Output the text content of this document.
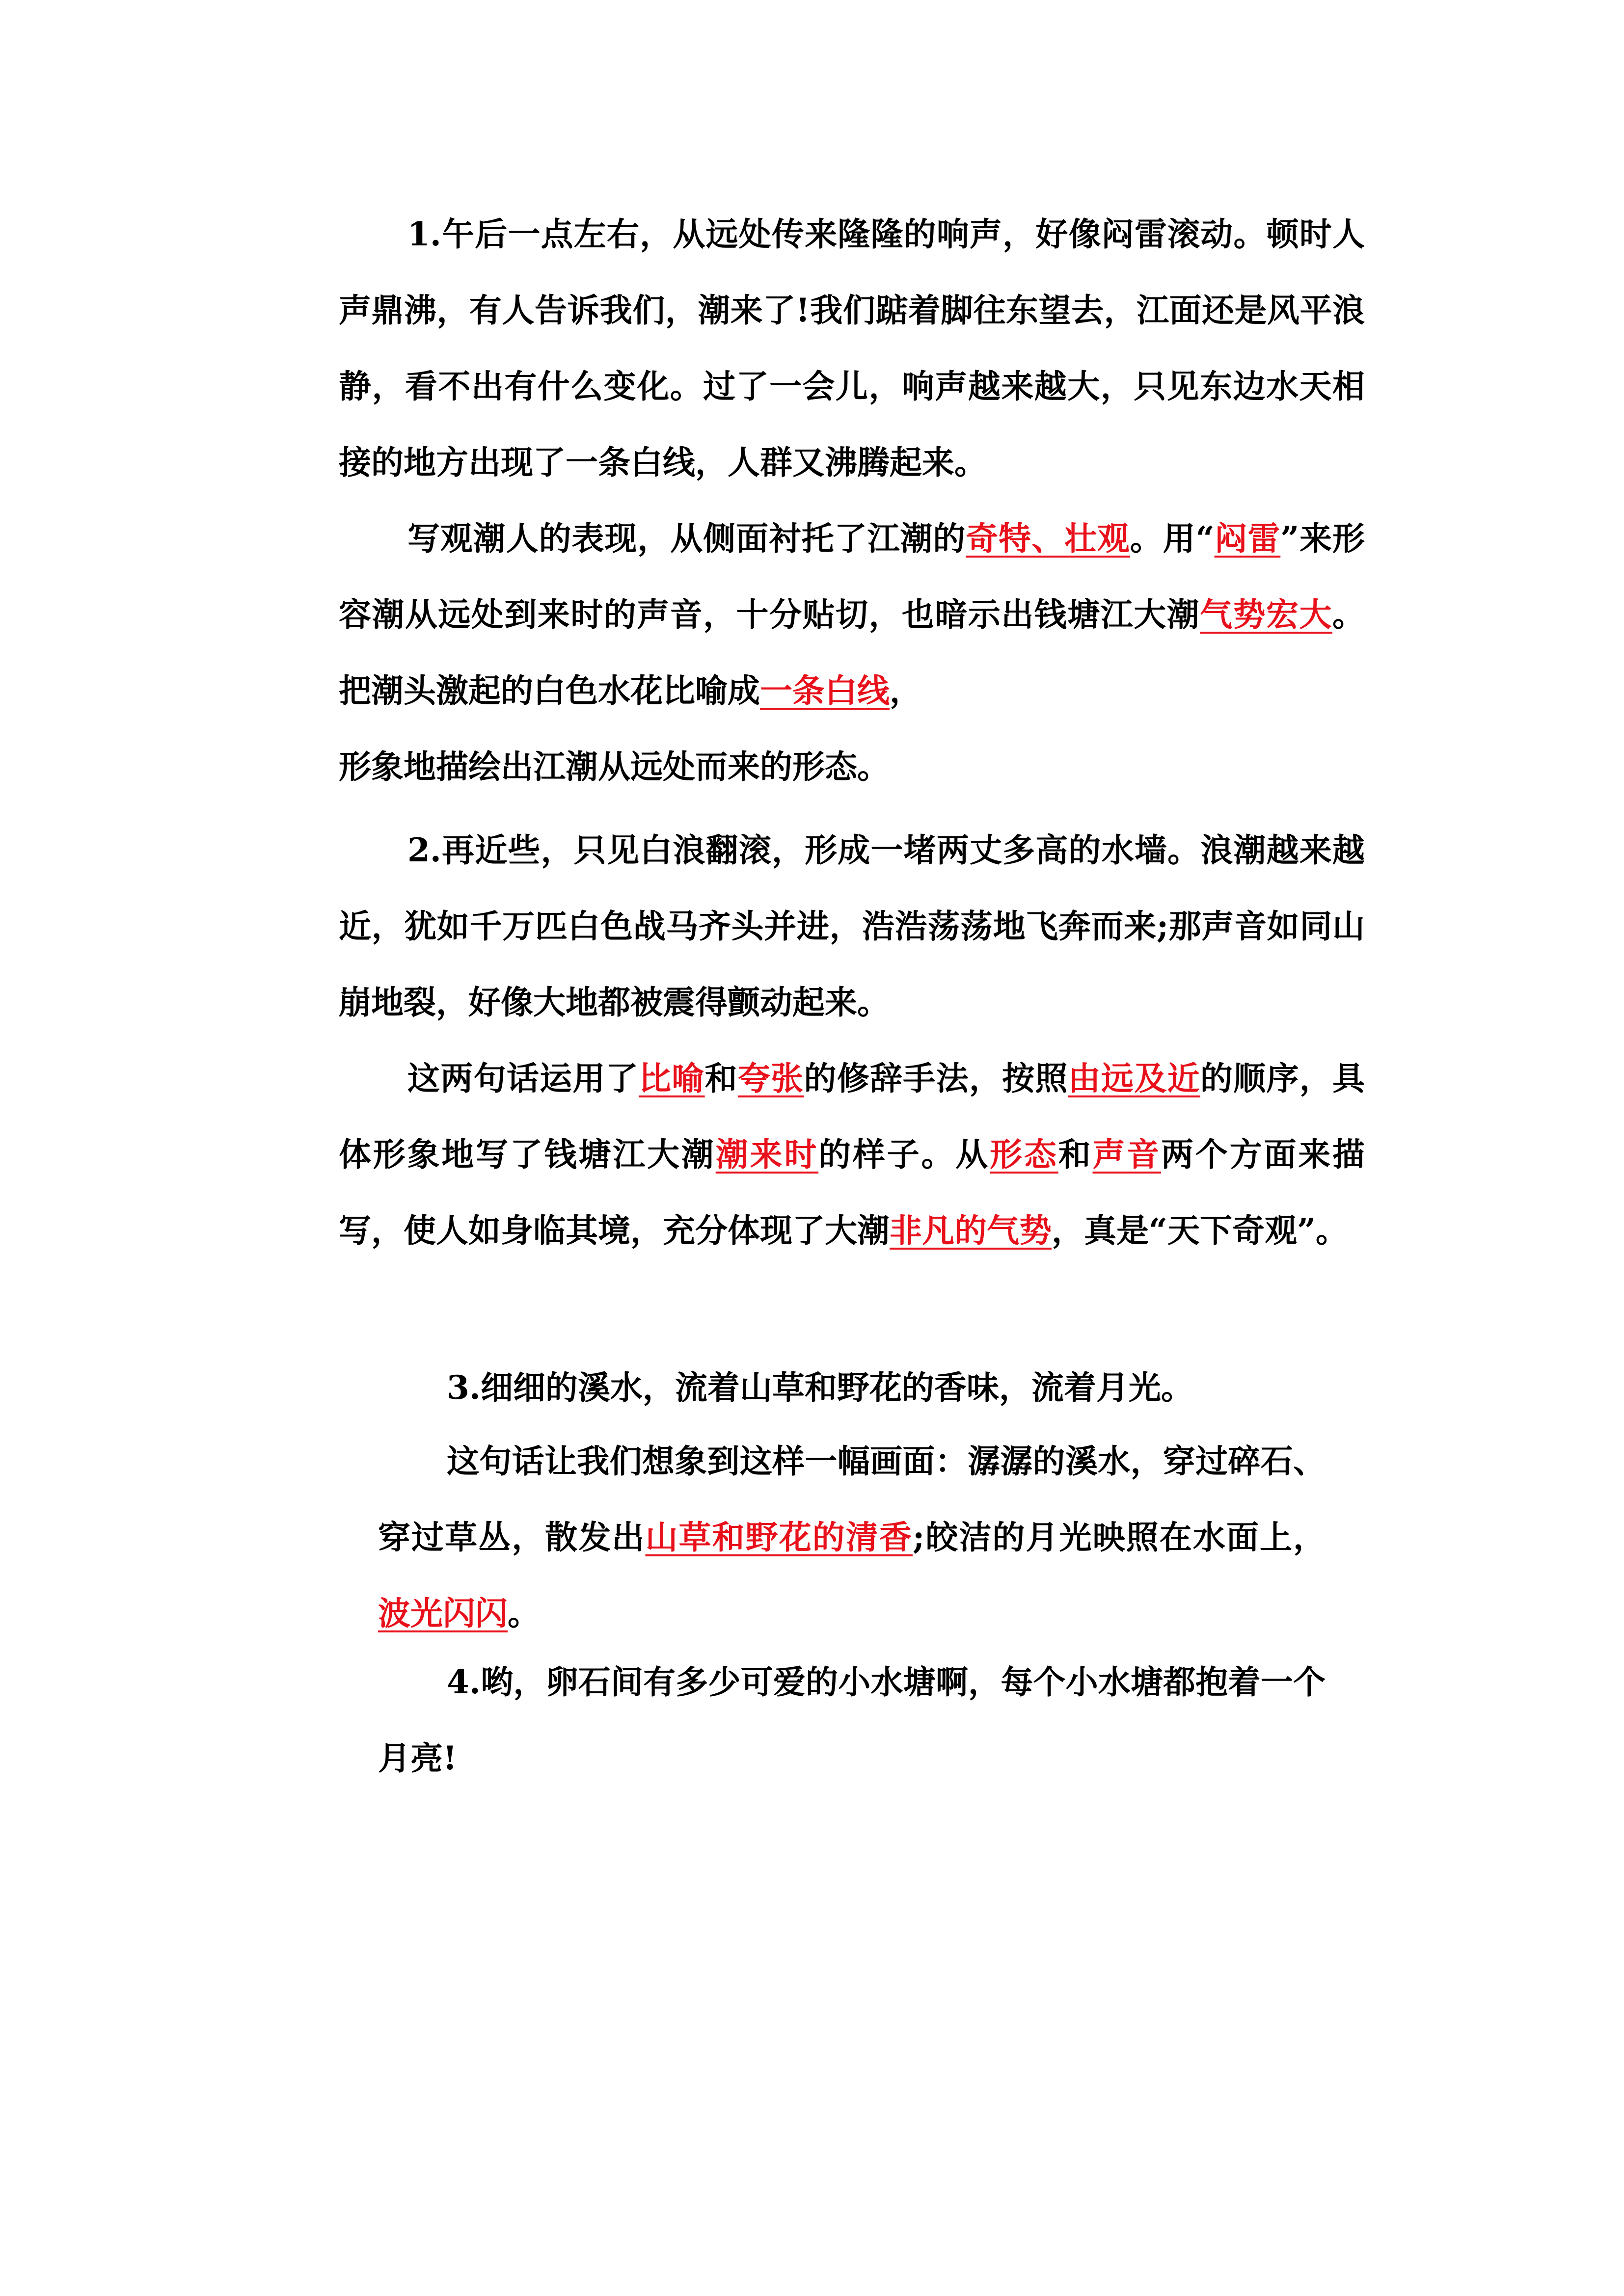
1.午后一点左右，从远处传来隆隆的响声，好像闷雷滚动。顿时人声鼎沸，有人告诉我们，潮来了!我们踮着脚往东望去，江面还是风平浪静，看不出有什么变化。过了一会儿，响声越来越大，只见东边水天相接的地方出现了一条白线，人群又沸腾起来。

写观潮人的表现，从侧面衬托了江潮的奇特、壮观。用“闷雷”来形容潮从远处到来时的声音，十分贴切，也暗示出钱塘江大潮气势宏大。把潮头激起的白色水花比喻成一条白线，

形象地描绘出江潮从远处而来的形态。

2.再近些，只见白浪翻滚，形成一堵两丈多高的水墙。浪潮越来越近，犹如千万匹白色战马齐头并进，浩浩荡荡地飞奔而来;那声音如同山崩地裂，好像大地都被震得颤动起来。

这两句话运用了比喻和夸张的修辞手法，按照由远及近的顺序，具体形象地写了钱塘江大潮潮来时的样子。从形态和声音两个方面来描写，使人如身临其境，充分体现了大潮非凡的气势，真是“天下奇观”。

3.细细的溪水，流着山草和野花的香味，流着月光。

这句话让我们想象到这样一幅画面：潺潺的溪水，穿过碎石、穿过草丛，散发出山草和野花的清香;皎洁的月光映照在水面上，波光闪闪。

4.哟，卵石间有多少可爱的小水塘啊，每个小水塘都抱着一个月亮!
